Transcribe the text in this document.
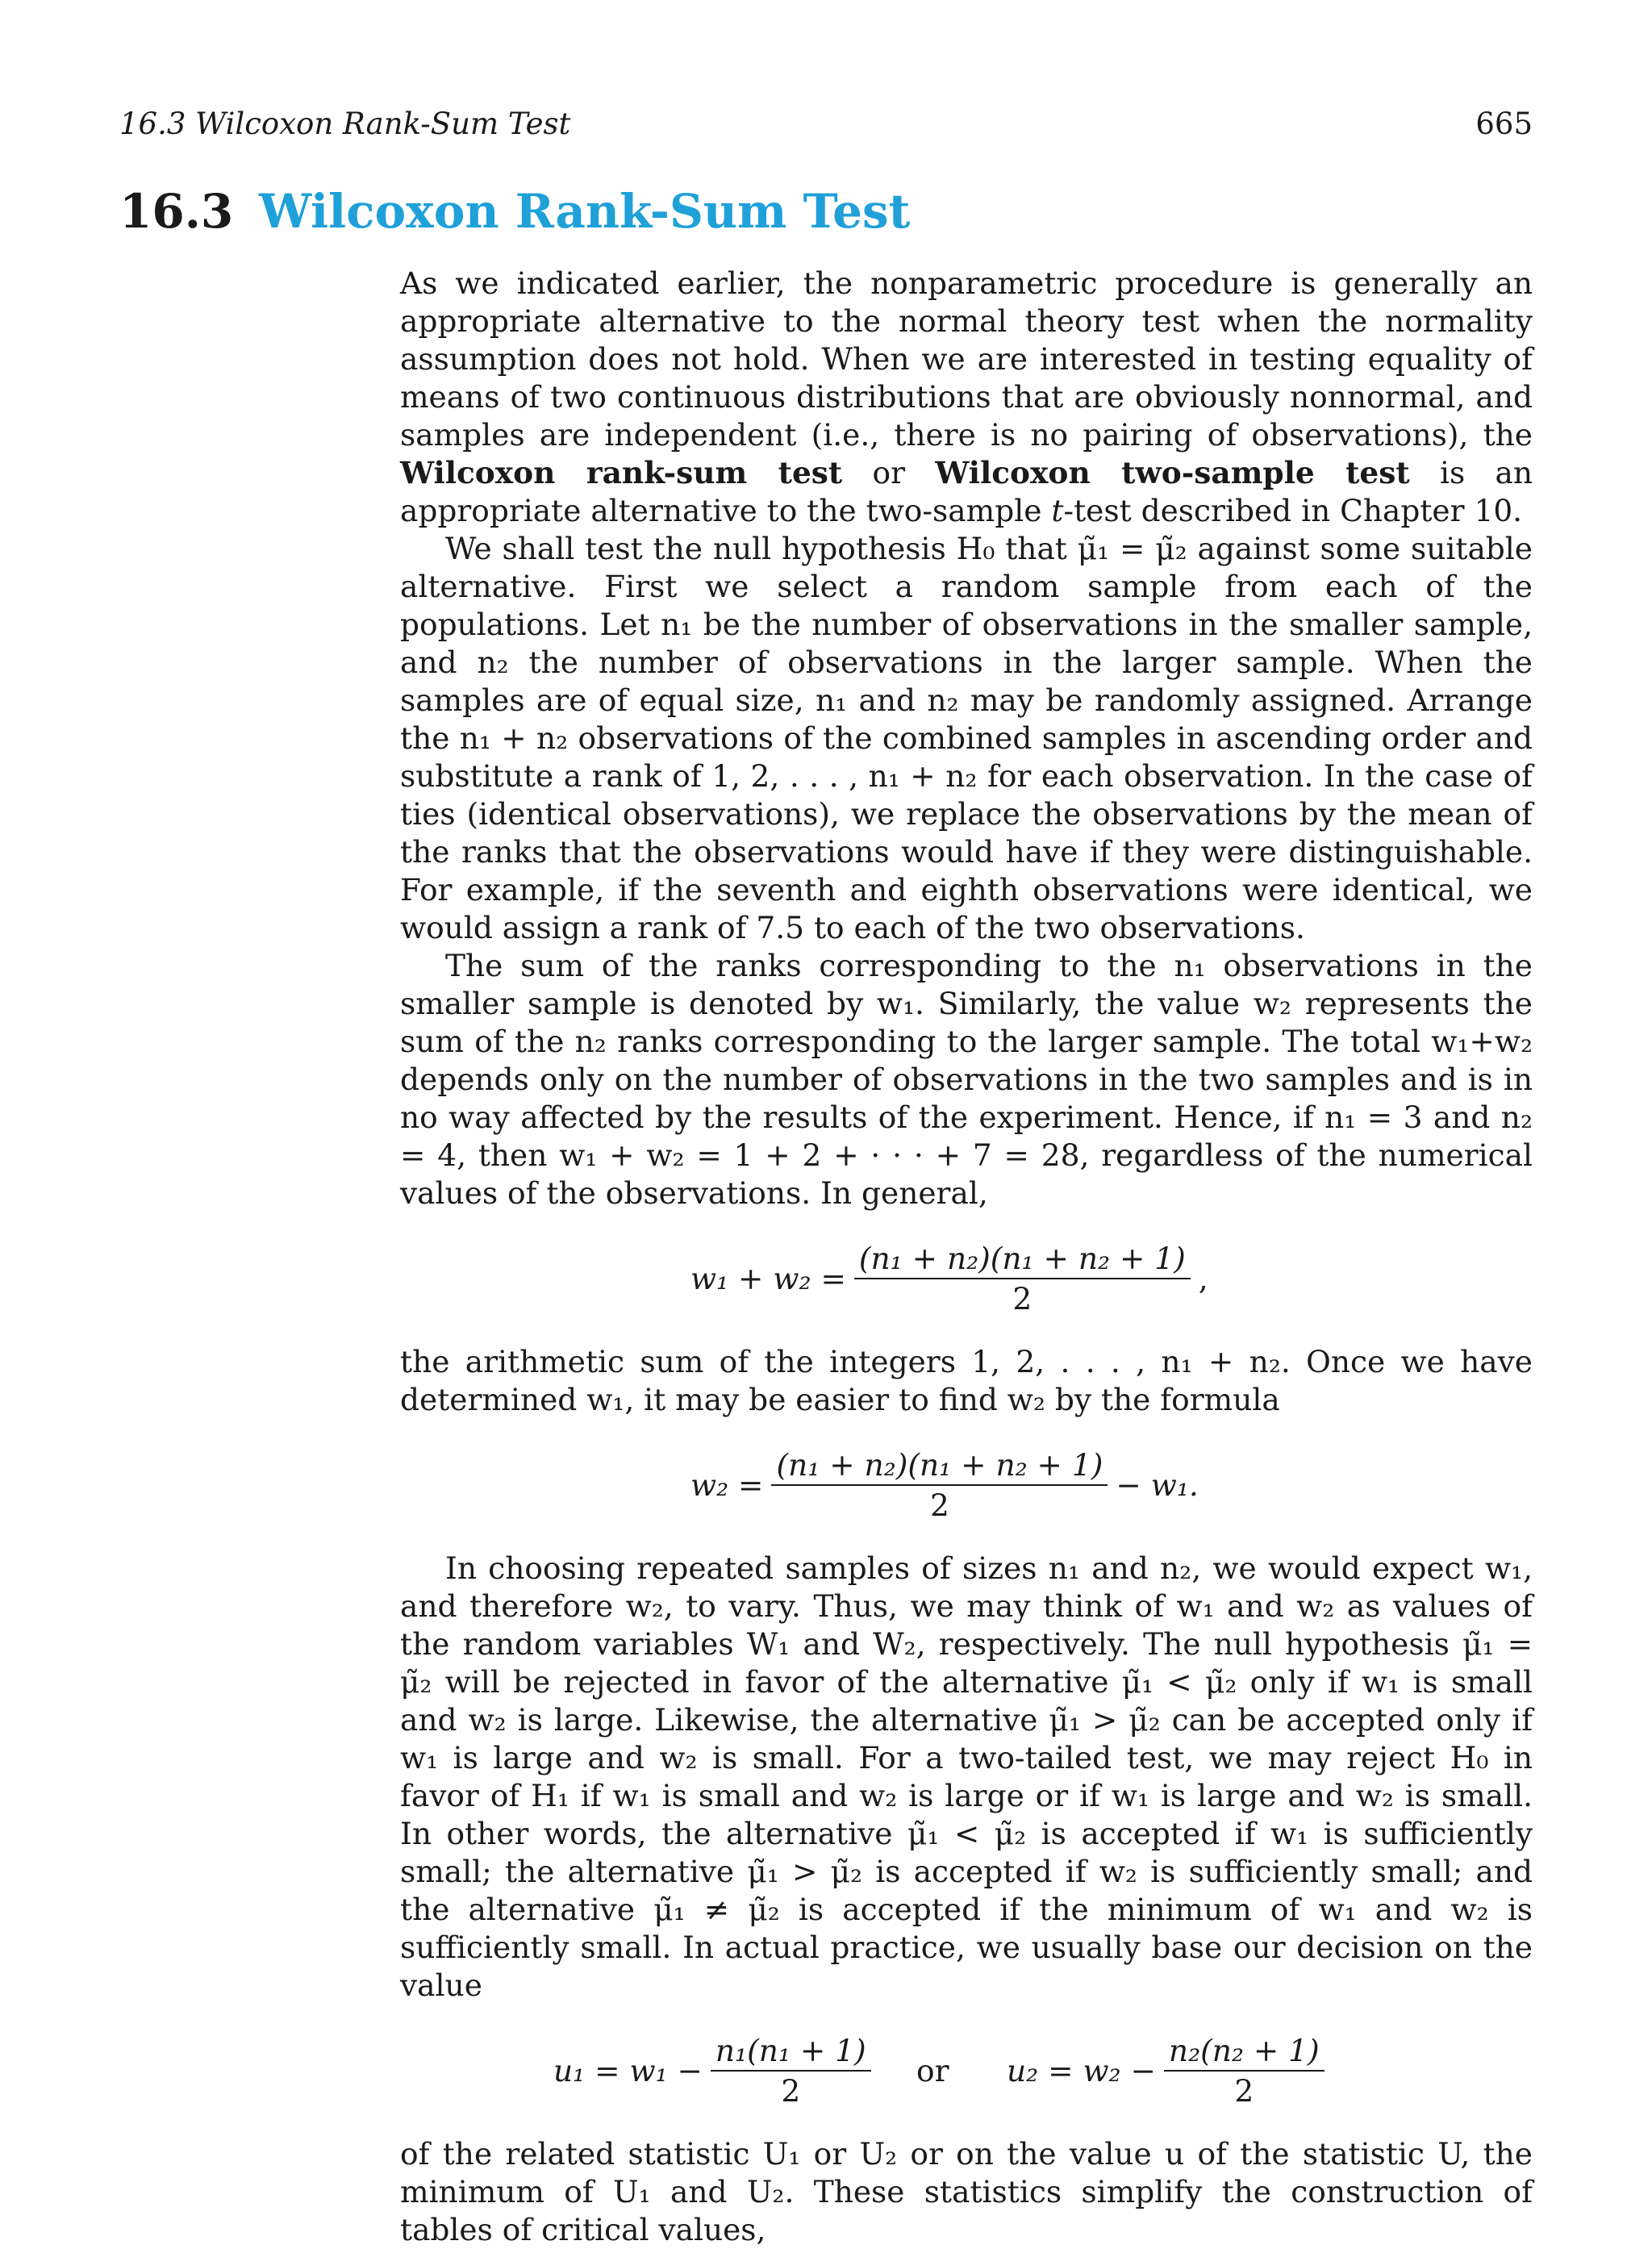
16.3 Wilcoxon Rank-Sum Test	665
16.3 Wilcoxon Rank-Sum Test

As we indicated earlier, the nonparametric procedure is generally an appropriate alternative to the normal theory test when the normality assumption does not hold. When we are interested in testing equality of means of two continuous distributions that are obviously nonnormal, and samples are independent (i.e., there is no pairing of observations), the Wilcoxon rank-sum test or Wilcoxon two-sample test is an appropriate alternative to the two-sample t-test described in Chapter 10.

We shall test the null hypothesis H₀ that μ̃₁ = μ̃₂ against some suitable alternative. First we select a random sample from each of the populations. Let n₁ be the number of observations in the smaller sample, and n₂ the number of observations in the larger sample. When the samples are of equal size, n₁ and n₂ may be randomly assigned. Arrange the n₁ + n₂ observations of the combined samples in ascending order and substitute a rank of 1, 2, . . . , n₁ + n₂ for each observation. In the case of ties (identical observations), we replace the observations by the mean of the ranks that the observations would have if they were distinguishable. For example, if the seventh and eighth observations were identical, we would assign a rank of 7.5 to each of the two observations.

The sum of the ranks corresponding to the n₁ observations in the smaller sample is denoted by w₁. Similarly, the value w₂ represents the sum of the n₂ ranks corresponding to the larger sample. The total w₁+w₂ depends only on the number of observations in the two samples and is in no way affected by the results of the experiment. Hence, if n₁ = 3 and n₂ = 4, then w₁ + w₂ = 1 + 2 + · · · + 7 = 28, regardless of the numerical values of the observations. In general,

$w_1 + w_2 = \frac{\text{(n₁ + n₂)(n₁ + n₂ + 1)}}{2}$ ,

the arithmetic sum of the integers 1, 2, . . . , n₁ + n₂. Once we have determined w₁, it may be easier to find w₂ by the formula

$w_2 = \frac{\text{(n₁ + n₂)(n₁ + n₂ + 1)}}{2} - w_1$.

In choosing repeated samples of sizes n₁ and n₂, we would expect w₁, and therefore w₂, to vary. Thus, we may think of w₁ and w₂ as values of the random variables W₁ and W₂, respectively. The null hypothesis μ̃₁ = μ̃₂ will be rejected in favor of the alternative μ̃₁ < μ̃₂ only if w₁ is small and w₂ is large. Likewise, the alternative μ̃₁ > μ̃₂ can be accepted only if w₁ is large and w₂ is small. For a two-tailed test, we may reject H₀ in favor of H₁ if w₁ is small and w₂ is large or if w₁ is large and w₂ is small. In other words, the alternative μ̃₁ < μ̃₂ is accepted if w₁ is sufficiently small; the alternative μ̃₁ > μ̃₂ is accepted if w₂ is sufficiently small; and the alternative μ̃₁ ≠ μ̃₂ is accepted if the minimum of w₁ and w₂ is sufficiently small. In actual practice, we usually base our decision on the value

$u_1 = w_1 - \frac{\text{n₁(n₁ + 1)}}{2}$ or $u_2 = w_2 - \frac{\text{n₂(n₂ + 1)}}{2}$

of the related statistic U₁ or U₂ or on the value u of the statistic U, the minimum of U₁ and U₂. These statistics simplify the construction of tables of critical values,
